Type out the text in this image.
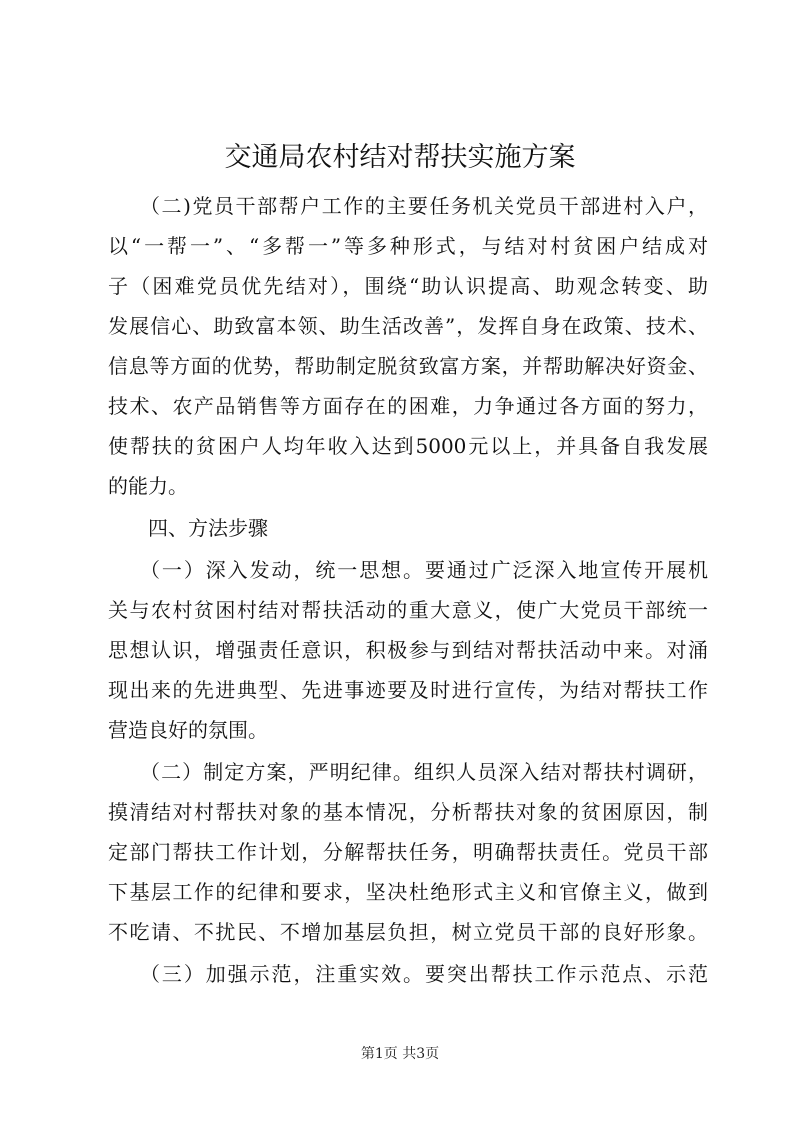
交通局农村结对帮扶实施方案
（二)党员干部帮户工作的主要任务机关党员干部进村入户，
以“一帮一”、“多帮一”等多种形式，与结对村贫困户结成对
子（困难党员优先结对），围绕“助认识提高、助观念转变、助
发展信心、助致富本领、助生活改善”，发挥自身在政策、技术、
信息等方面的优势，帮助制定脱贫致富方案，并帮助解决好资金、
技术、农产品销售等方面存在的困难，力争通过各方面的努力，
使帮扶的贫困户人均年收入达到5000元以上，并具备自我发展
的能力。
四、方法步骤
（一）深入发动，统一思想。要通过广泛深入地宣传开展机
关与农村贫困村结对帮扶活动的重大意义，使广大党员干部统一
思想认识，增强责任意识，积极参与到结对帮扶活动中来。对涌
现出来的先进典型、先进事迹要及时进行宣传，为结对帮扶工作
营造良好的氛围。
（二）制定方案，严明纪律。组织人员深入结对帮扶村调研，
摸清结对村帮扶对象的基本情况，分析帮扶对象的贫困原因，制
定部门帮扶工作计划，分解帮扶任务，明确帮扶责任。党员干部
下基层工作的纪律和要求，坚决杜绝形式主义和官僚主义，做到
不吃请、不扰民、不增加基层负担，树立党员干部的良好形象。
（三）加强示范，注重实效。要突出帮扶工作示范点、示范
第1页 共3页
